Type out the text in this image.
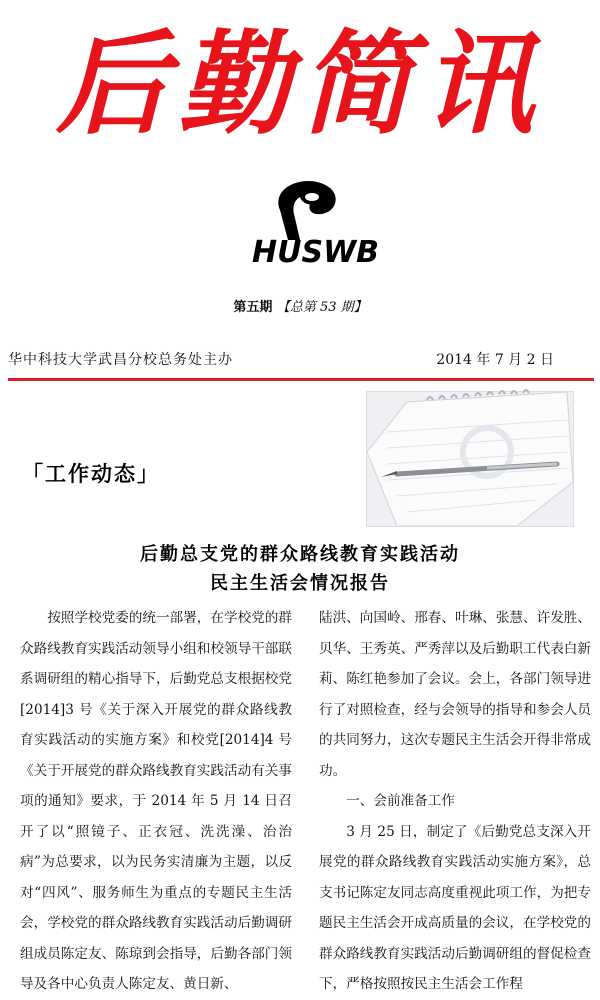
后勤简讯
HUSWB
第五期 【总第 53 期】
华中科技大学武昌分校总务处主办	2014 年 7 月 2 日
「工作动态」
后勤总支党的群众路线教育实践活动
民主生活会情况报告

按照学校党委的统一部署，在学校党的群众路线教育实践活动领导小组和校领导干部联系调研组的精心指导下，后勤党总支根据校党[2014]3 号《关于深入开展党的群众路线教育实践活动的实施方案》和校党[2014]4 号《关于开展党的群众路线教育实践活动有关事项的通知》要求，于 2014 年 5 月 14 日召开了以“照镜子、正衣冠、洗洗澡、治治病”为总要求，以为民务实清廉为主题，以反对“四风”、服务师生为重点的专题民主生活会，学校党的群众路线教育实践活动后勤调研组成员陈定友、陈琼到会指导，后勤各部门领导及各中心负责人陈定友、黄日新、

陆洪、向国岭、邢春、叶琳、张慧、许发胜、贝华、王秀英、严秀萍以及后勤职工代表白新莉、陈红艳参加了会议。会上，各部门领导进行了对照检查，经与会领导的指导和参会人员的共同努力，这次专题民主生活会开得非常成功。

一、会前准备工作

3 月 25 日，制定了《后勤党总支深入开展党的群众路线教育实践活动实施方案》，总支书记陈定友同志高度重视此项工作，为把专题民主生活会开成高质量的会议，在学校党的群众路线教育实践活动后勤调研组的督促检查下，严格按照按民主生活会工作程
